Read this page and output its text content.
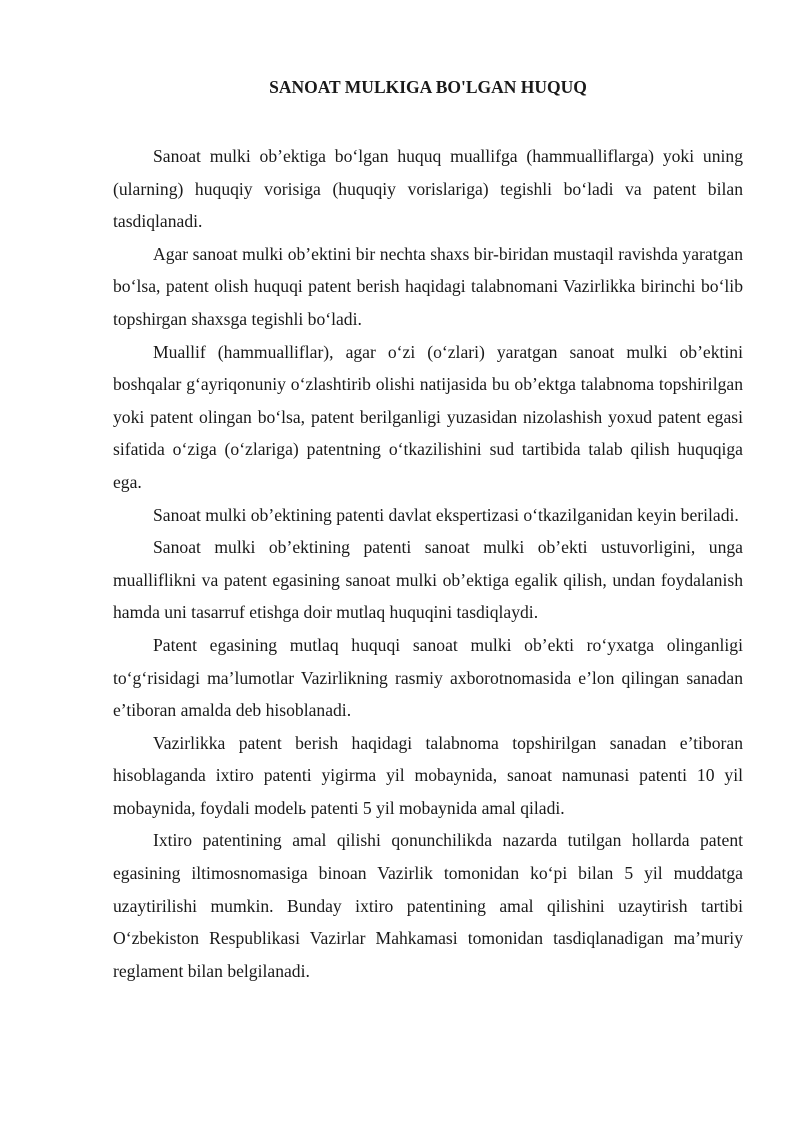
SANOAT MULKIGA BO'LGAN HUQUQ

Sanoat mulki ob’ektiga bo‘lgan huquq muallifga (hammualliflarga) yoki uning (ularning) huquqiy vorisiga (huquqiy vorislariga) tegishli bo‘ladi va patent bilan tasdiqlanadi.

Agar sanoat mulki ob’ektini bir nechta shaxs bir-biridan mustaqil ravishda yaratgan bo‘lsa, patent olish huquqi patent berish haqidagi talabnomani Vazirlikka birinchi bo‘lib topshirgan shaxsga tegishli bo‘ladi.

Muallif (hammualliflar), agar o‘zi (o‘zlari) yaratgan sanoat mulki ob’ektini boshqalar g‘ayriqonuniy o‘zlashtirib olishi natijasida bu ob’ektga talabnoma topshirilgan yoki patent olingan bo‘lsa, patent berilganligi yuzasidan nizolashish yoxud patent egasi sifatida o‘ziga (o‘zlariga) patentning o‘tkazilishini sud tartibida talab qilish huquqiga ega.

Sanoat mulki ob’ektining patenti davlat ekspertizasi o‘tkazilganidan keyin beriladi.

Sanoat mulki ob’ektining patenti sanoat mulki ob’ekti ustuvorligini, unga mualliflikni va patent egasining sanoat mulki ob’ektiga egalik qilish, undan foydalanish hamda uni tasarruf etishga doir mutlaq huquqini tasdiqlaydi.

Patent egasining mutlaq huquqi sanoat mulki ob’ekti ro‘yxatga olinganligi to‘g‘risidagi ma’lumotlar Vazirlikning rasmiy axborotnomasida e’lon qilingan sanadan e’tiboran amalda deb hisoblanadi.

Vazirlikka patent berish haqidagi talabnoma topshirilgan sanadan e’tiboran hisoblaganda ixtiro patenti yigirma yil mobaynida, sanoat namunasi patenti 10 yil mobaynida, foydali modelь patenti 5 yil mobaynida amal qiladi.

Ixtiro patentining amal qilishi qonunchilikda nazarda tutilgan hollarda patent egasining iltimosnomasiga binoan Vazirlik tomonidan ko‘pi bilan 5 yil muddatga uzaytirilishi mumkin. Bunday ixtiro patentining amal qilishini uzaytirish tartibi O‘zbekiston Respublikasi Vazirlar Mahkamasi tomonidan tasdiqlanadigan ma’muriy reglament bilan belgilanadi.
